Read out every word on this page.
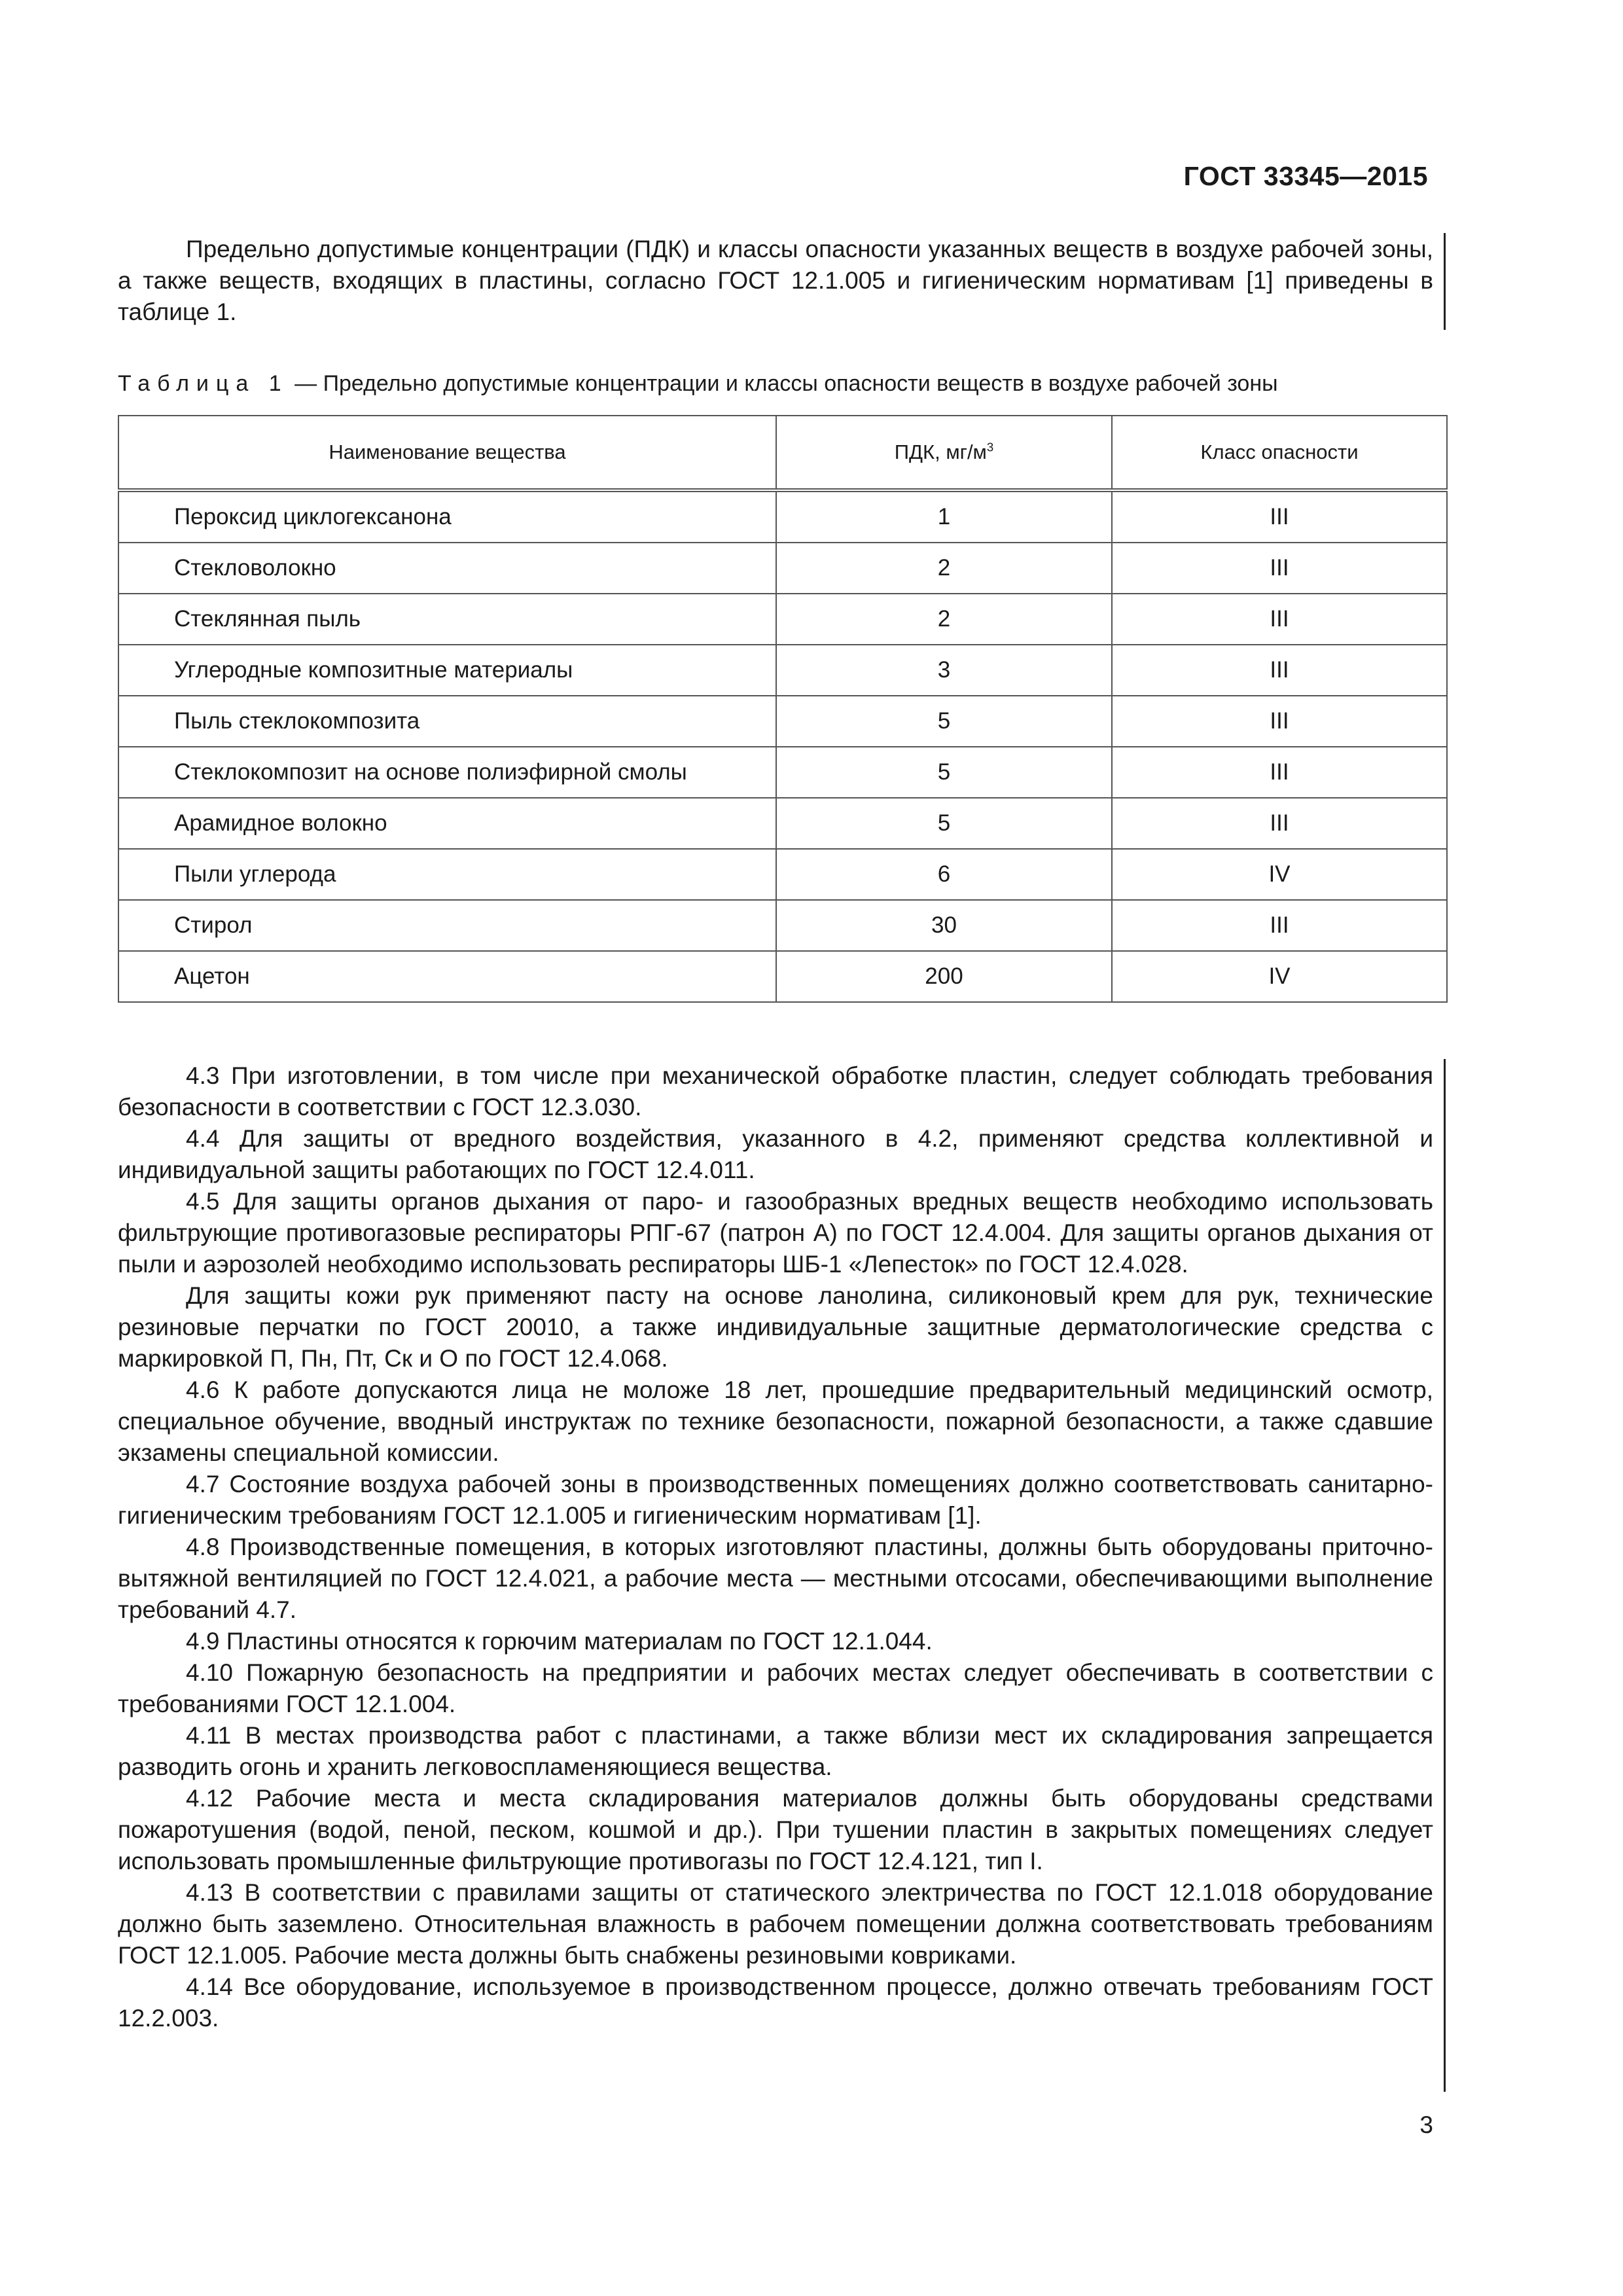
ГОСТ 33345—2015

Предельно допустимые концентрации (ПДК) и классы опасности указанных веществ в воздухе рабочей зоны, а также веществ, входящих в пластины, согласно ГОСТ 12.1.005 и гигиеническим нормативам [1] приведены в таблице 1.

Таблица 1 — Предельно допустимые концентрации и классы опасности веществ в воздухе рабочей зоны
Наименование вещества	ПДК, $мг/м^3$	Класс опасности
Пероксид циклогексанона	1	III
Стекловолокно	2	III
Стеклянная пыль	2	III
Углеродные композитные материалы	3	III
Пыль стеклокомпозита	5	III
Стеклокомпозит на основе полиэфирной смолы	5	III
Арамидное волокно	5	III
Пыли углерода	6	IV
Стирол	30	III
Ацетон	200	IV

4.3 При изготовлении, в том числе при механической обработке пластин, следует соблюдать требования безопасности в соответствии с ГОСТ 12.3.030.

4.4 Для защиты от вредного воздействия, указанного в 4.2, применяют средства коллективной и индивидуальной защиты работающих по ГОСТ 12.4.011.

4.5 Для защиты органов дыхания от паро- и газообразных вредных веществ необходимо использовать фильтрующие противогазовые респираторы РПГ-67 (патрон А) по ГОСТ 12.4.004. Для защиты органов дыхания от пыли и аэрозолей необходимо использовать респираторы ШБ-1 «Лепесток» по ГОСТ 12.4.028.

Для защиты кожи рук применяют пасту на основе ланолина, силиконовый крем для рук, технические резиновые перчатки по ГОСТ 20010, а также индивидуальные защитные дерматологические средства с маркировкой П, Пн, Пт, Ск и О по ГОСТ 12.4.068.

4.6 К работе допускаются лица не моложе 18 лет, прошедшие предварительный медицинский осмотр, специальное обучение, вводный инструктаж по технике безопасности, пожарной безопасности, а также сдавшие экзамены специальной комиссии.

4.7 Состояние воздуха рабочей зоны в производственных помещениях должно соответствовать санитарно-гигиеническим требованиям ГОСТ 12.1.005 и гигиеническим нормативам [1].

4.8 Производственные помещения, в которых изготовляют пластины, должны быть оборудованы приточно-вытяжной вентиляцией по ГОСТ 12.4.021, а рабочие места — местными отсосами, обеспечивающими выполнение требований 4.7.

4.9 Пластины относятся к горючим материалам по ГОСТ 12.1.044.

4.10 Пожарную безопасность на предприятии и рабочих местах следует обеспечивать в соответствии с требованиями ГОСТ 12.1.004.

4.11 В местах производства работ с пластинами, а также вблизи мест их складирования запрещается разводить огонь и хранить легковоспламеняющиеся вещества.

4.12 Рабочие места и места складирования материалов должны быть оборудованы средствами пожаротушения (водой, пеной, песком, кошмой и др.). При тушении пластин в закрытых помещениях следует использовать промышленные фильтрующие противогазы по ГОСТ 12.4.121, тип I.

4.13 В соответствии с правилами защиты от статического электричества по ГОСТ 12.1.018 оборудование должно быть заземлено. Относительная влажность в рабочем помещении должна соответствовать требованиям ГОСТ 12.1.005. Рабочие места должны быть снабжены резиновыми ковриками.

4.14 Все оборудование, используемое в производственном процессе, должно отвечать требованиям ГОСТ 12.2.003.

3
